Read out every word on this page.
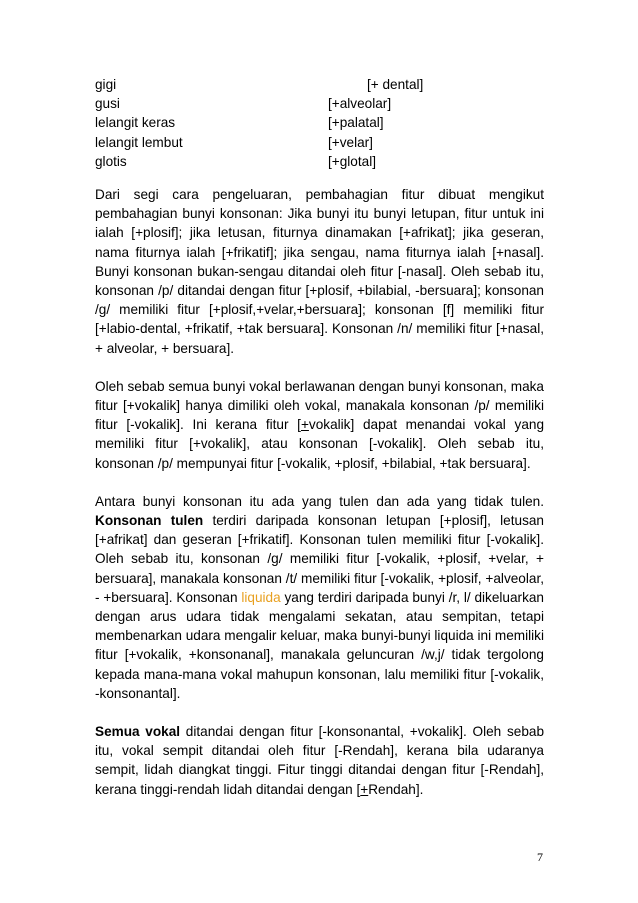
gigi	[+ dental]
gusi	[+alveolar]
lelangit keras	[+palatal]
lelangit lembut	[+velar]
glotis	[+glotal]

Dari segi cara pengeluaran, pembahagian fitur dibuat mengikut pembahagian bunyi konsonan: Jika bunyi itu bunyi letupan, fitur untuk ini ialah [+plosif]; jika letusan, fiturnya dinamakan [+afrikat]; jika geseran, nama fiturnya ialah [+frikatif]; jika sengau, nama fiturnya ialah [+nasal]. Bunyi konsonan bukan-sengau ditandai oleh fitur [-nasal]. Oleh sebab itu, konsonan /p/ ditandai dengan fitur [+plosif, +bilabial, -bersuara]; konsonan /g/ memiliki fitur [+plosif,+velar,+bersuara]; konsonan [f] memiliki fitur [+labio-dental, +frikatif, +tak bersuara]. Konsonan /n/ memiliki fitur [+nasal, + alveolar, + bersuara].

Oleh sebab semua bunyi vokal berlawanan dengan bunyi konsonan, maka fitur [+vokalik] hanya dimiliki oleh vokal, manakala konsonan /p/ memiliki fitur [-vokalik]. Ini kerana fitur [+vokalik] dapat menandai vokal yang memiliki fitur [+vokalik], atau konsonan [-vokalik]. Oleh sebab itu, konsonan /p/ mempunyai fitur [-vokalik, +plosif, +bilabial, +tak bersuara].

Antara bunyi konsonan itu ada yang tulen dan ada yang tidak tulen. Konsonan tulen terdiri daripada konsonan letupan [+plosif], letusan [+afrikat] dan geseran [+frikatif]. Konsonan tulen memiliki fitur [-vokalik]. Oleh sebab itu, konsonan /g/ memiliki fitur [-vokalik, +plosif, +velar, + bersuara], manakala konsonan /t/ memiliki fitur [-vokalik, +plosif, +alveolar, - +bersuara]. Konsonan liquida yang terdiri daripada bunyi /r, l/ dikeluarkan dengan arus udara tidak mengalami sekatan, atau sempitan, tetapi membenarkan udara mengalir keluar, maka bunyi-bunyi liquida ini memiliki fitur [+vokalik, +konsonanal], manakala geluncuran /w,j/ tidak tergolong kepada mana-mana vokal mahupun konsonan, lalu memiliki fitur [-vokalik, -konsonantal].

Semua vokal ditandai dengan fitur [-konsonantal, +vokalik]. Oleh sebab itu, vokal sempit ditandai oleh fitur [-Rendah], kerana bila udaranya sempit, lidah diangkat tinggi. Fitur tinggi ditandai dengan fitur [-Rendah], kerana tinggi-rendah lidah ditandai dengan [+Rendah].

7
